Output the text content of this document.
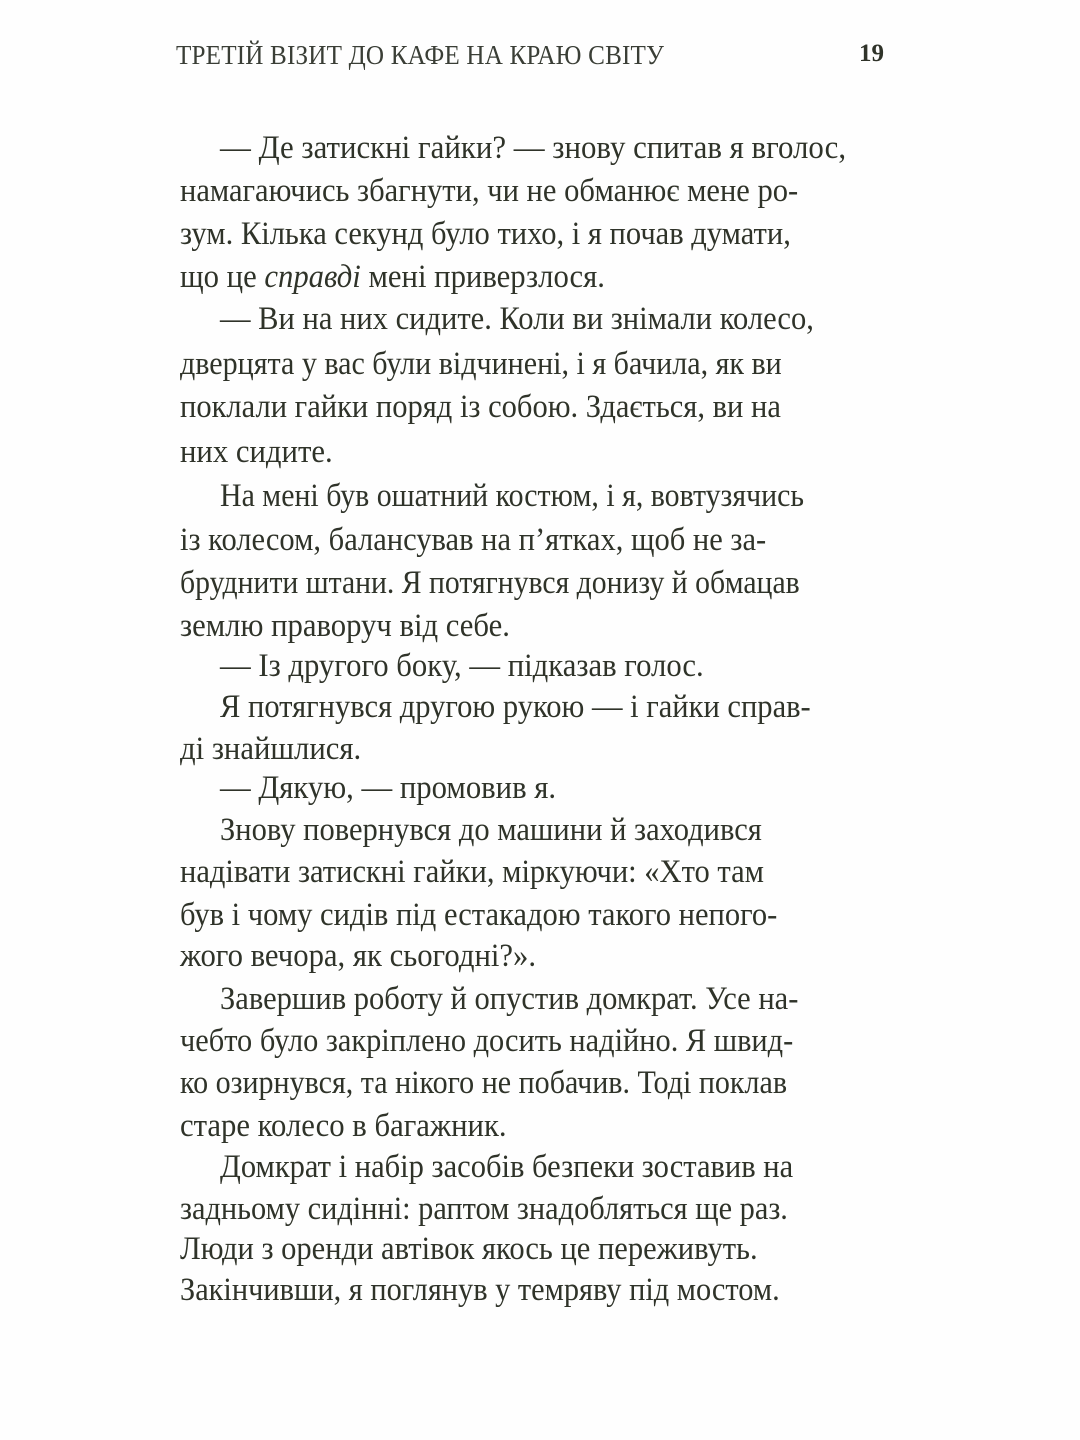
ТРЕТІЙ ВІЗИТ ДО КАФЕ НА КРАЮ СВІТУ	19
— Де затискні гайки? — знову спитав я вголос,
намагаючись збагнути, чи не обманює мене ро-
зум. Кілька секунд було тихо, і я почав думати,
що це справді мені приверзлося.
— Ви на них сидите. Коли ви знімали колесо,
дверцята у вас були відчинені, і я бачила, як ви
поклали гайки поряд із собою. Здається, ви на
них сидите.
На мені був ошатний костюм, і я, вовтузячись
із колесом, балансував на п’ятках, щоб не за-
бруднити штани. Я потягнувся донизу й обмацав
землю праворуч від себе.
— Із другого боку, — підказав голос.
Я потягнувся другою рукою — і гайки справ-
ді знайшлися.
— Дякую, — промовив я.
Знову повернувся до машини й заходився
надівати затискні гайки, міркуючи: «Хто там
був і чому сидів під естакадою такого непого-
жого вечора, як сьогодні?».
Завершив роботу й опустив домкрат. Усе на-
чебто було закріплено досить надійно. Я швид-
ко озирнувся, та нікого не побачив. Тоді поклав
старе колесо в багажник.
Домкрат і набір засобів безпеки зоставив на
задньому сидінні: раптом знадобляться ще раз.
Люди з оренди автівок якось це переживуть.
Закінчивши, я поглянув у темряву під мостом.
